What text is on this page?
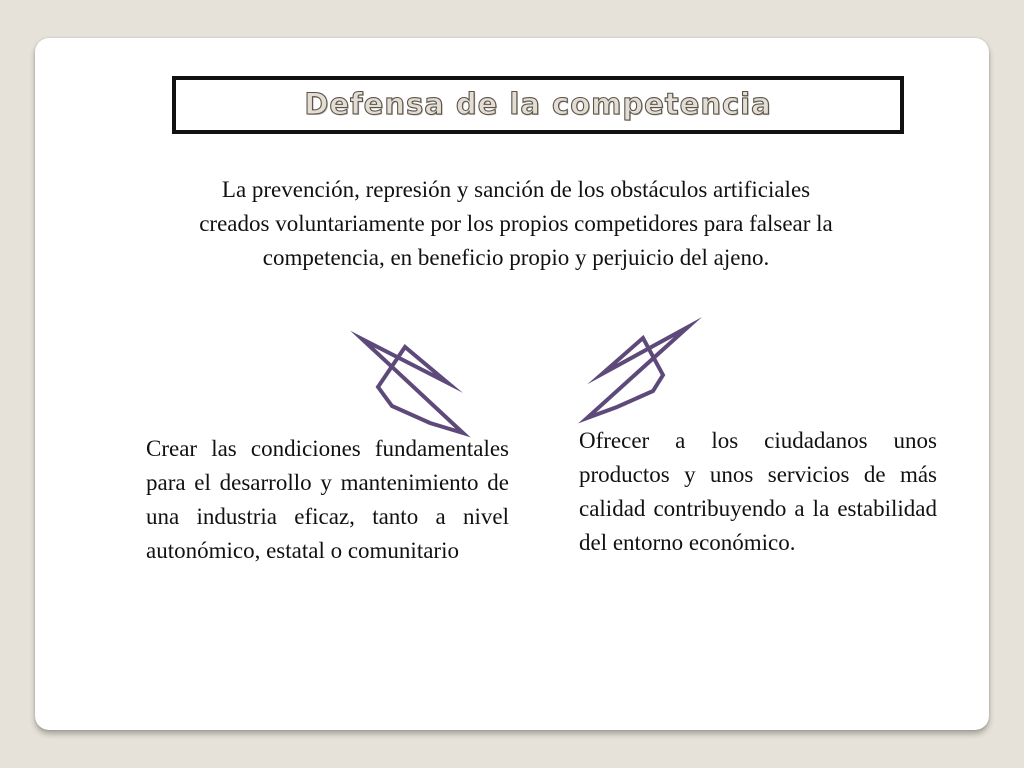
Defensa de la competencia
La prevención, represión y sanción de los obstáculos artificiales creados voluntariamente por los propios competidores para falsear la competencia, en beneficio propio y perjuicio del ajeno.
Crear las condiciones fundamentales para el desarrollo y mantenimiento de una industria eficaz, tanto a nivel autonómico, estatal o comunitario
Ofrecer a los ciudadanos unos productos y unos servicios de más calidad contribuyendo a la estabilidad del entorno económico.
